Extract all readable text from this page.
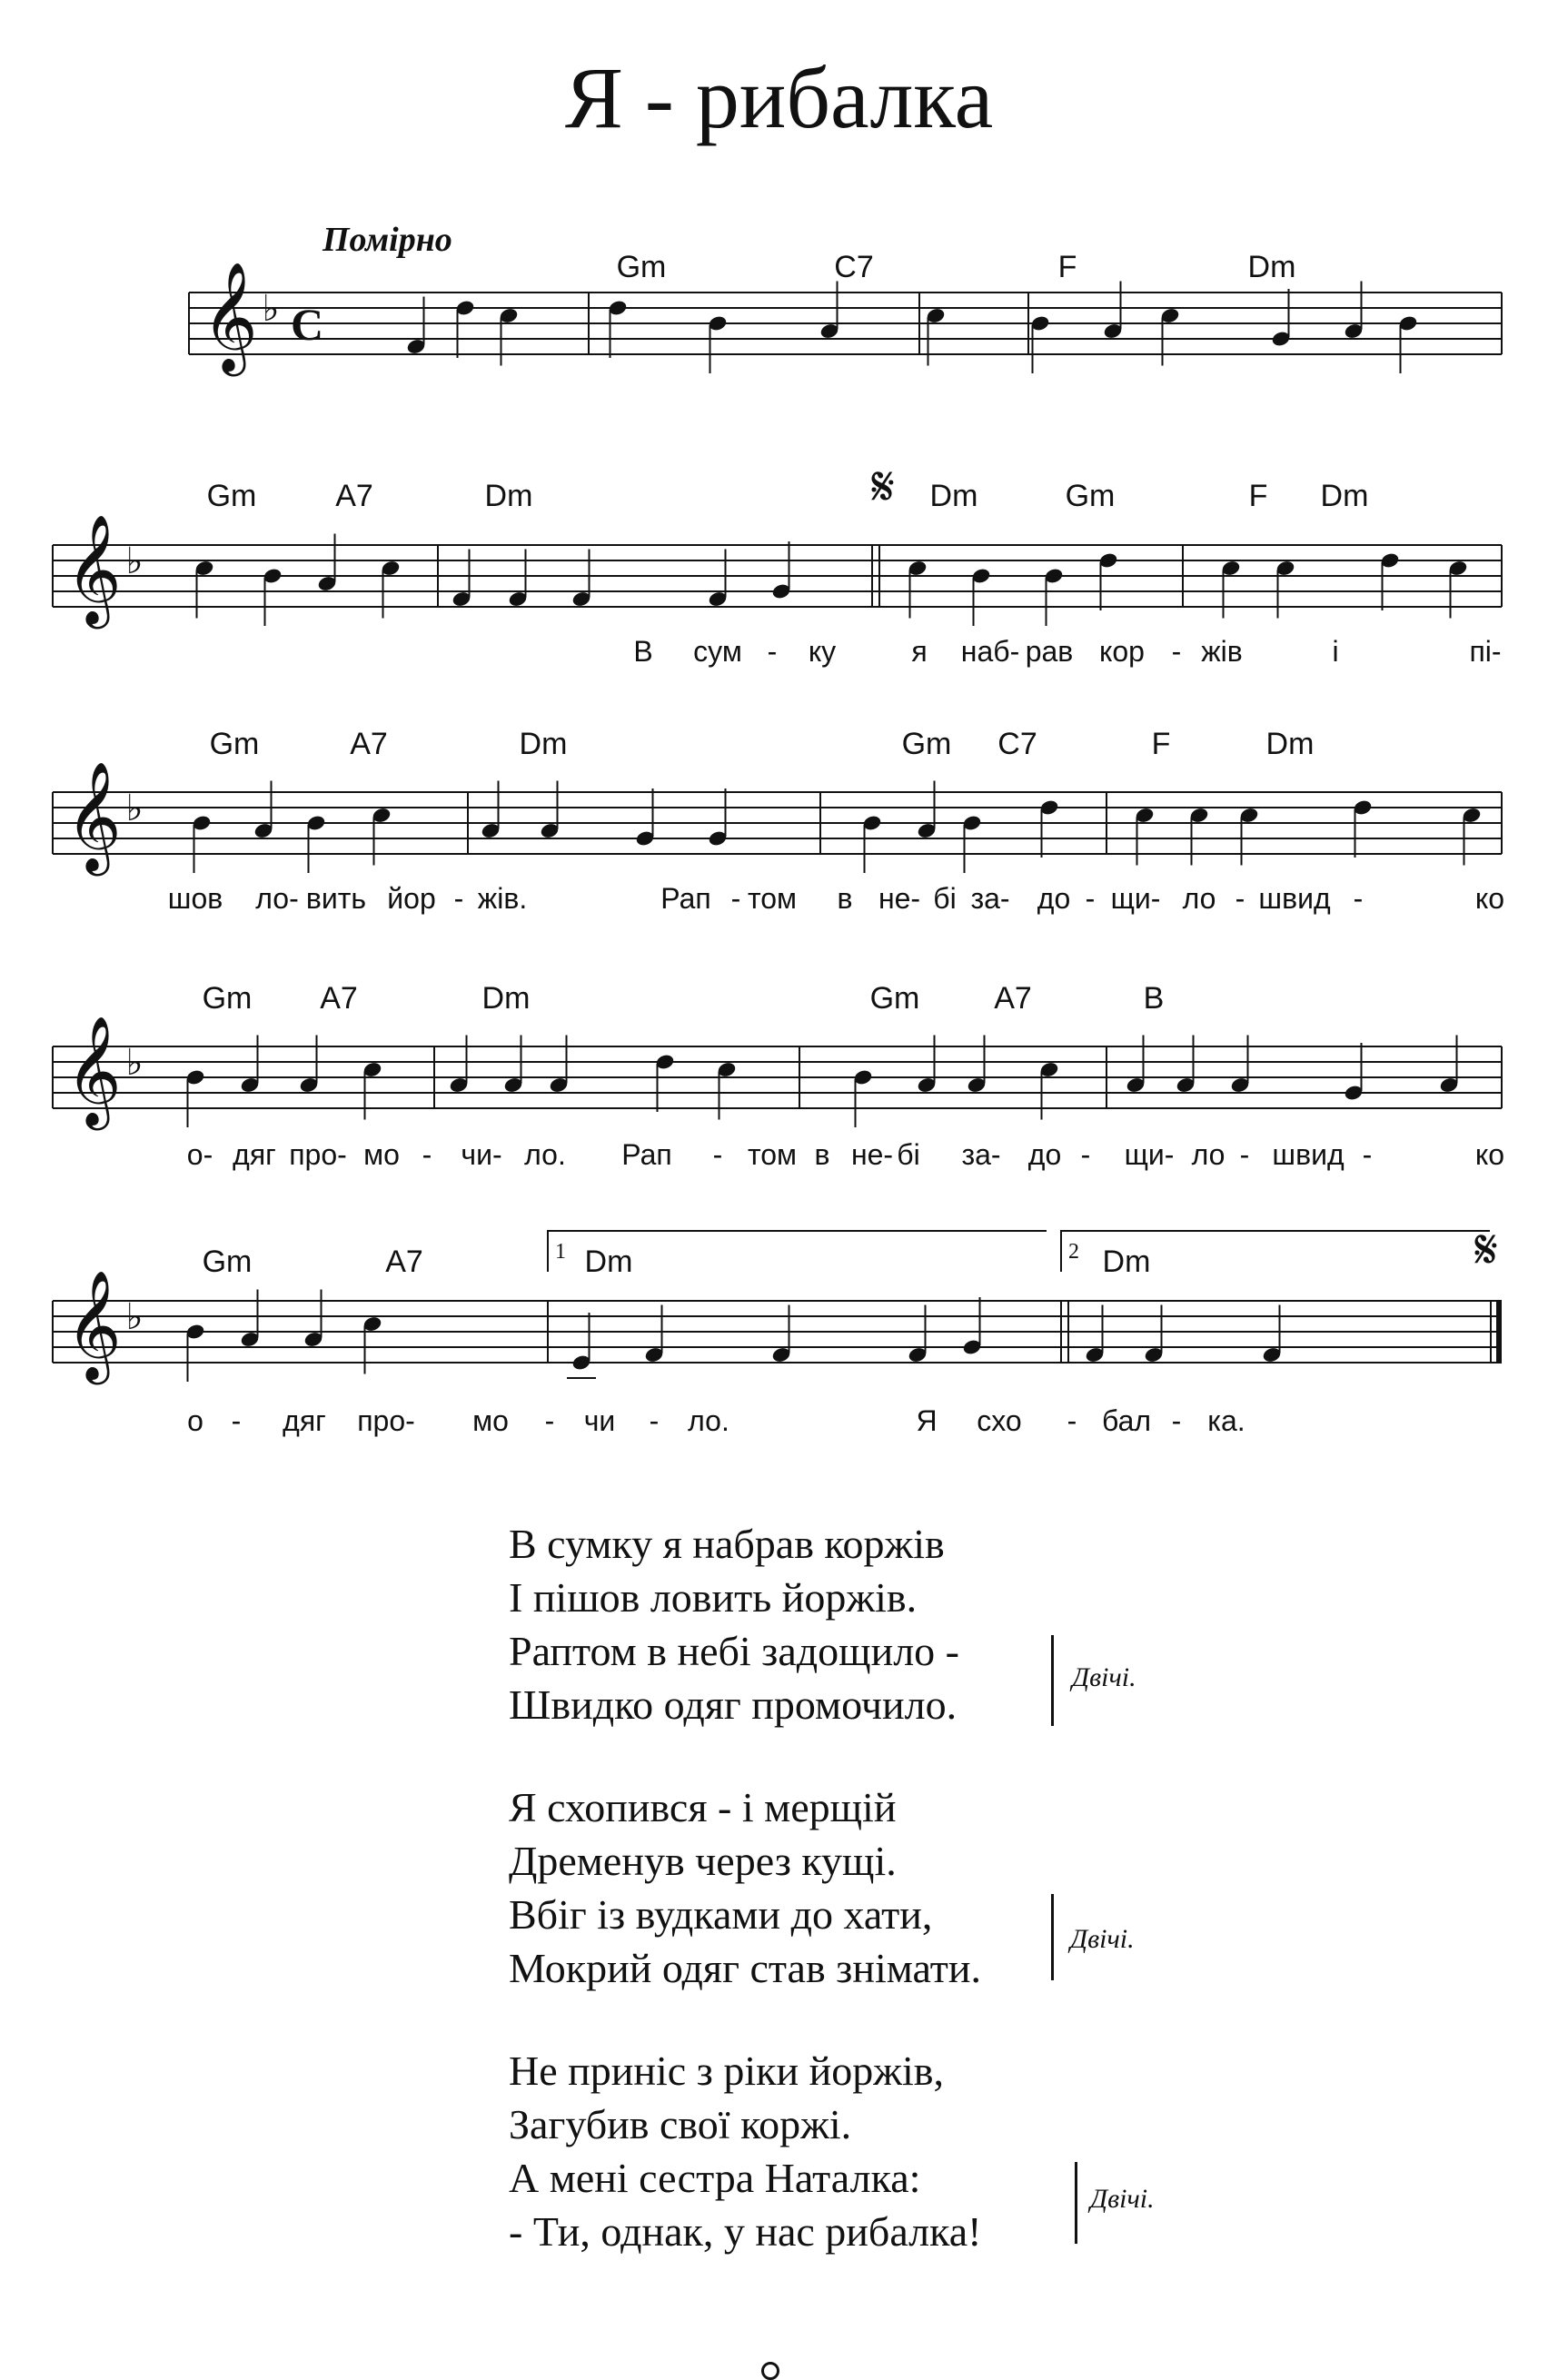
Я - рибалка
Помірно
𝄞 ♭ C
Gm	C7	F	Dm
𝄞 ♭
Gm	A7	Dm	Dm	Gm	F Dm
𝄋
В сум - ку	я наб- рав кор - жів	і	пі-
𝄞 ♭
Gm	A7	Dm	Gm C7	F	Dm
шов ло- вить йор - жів.	Рап - том в не- бі за- до - щи- ло - швид -	ко
𝄞 ♭
Gm A7	Dm	Gm A7	B
о- дяг про- мо - чи- ло. Рап - том в не- бі за- до - щи- ло - швид -	ко
𝄞 ♭
Gm	A7	Dm	Dm	𝄋
1	2
о - дяг про- мо - чи - ло.	Я схо - бал - ка.
В сумку я набрав коржів
І пішов ловить йоржів.
Раптом в небі задощило -
Швидко одяг промочило.
Двічі.
Я схопився - і мерщій
Дременув через кущі.
Вбіг із вудками до хати,
Мокрий одяг став знімати.
Двічі.
Не приніс з ріки йоржів,
Загубив свої коржі.
А мені сестра Наталка:
- Ти, однак, у нас рибалка!
Двічі.
